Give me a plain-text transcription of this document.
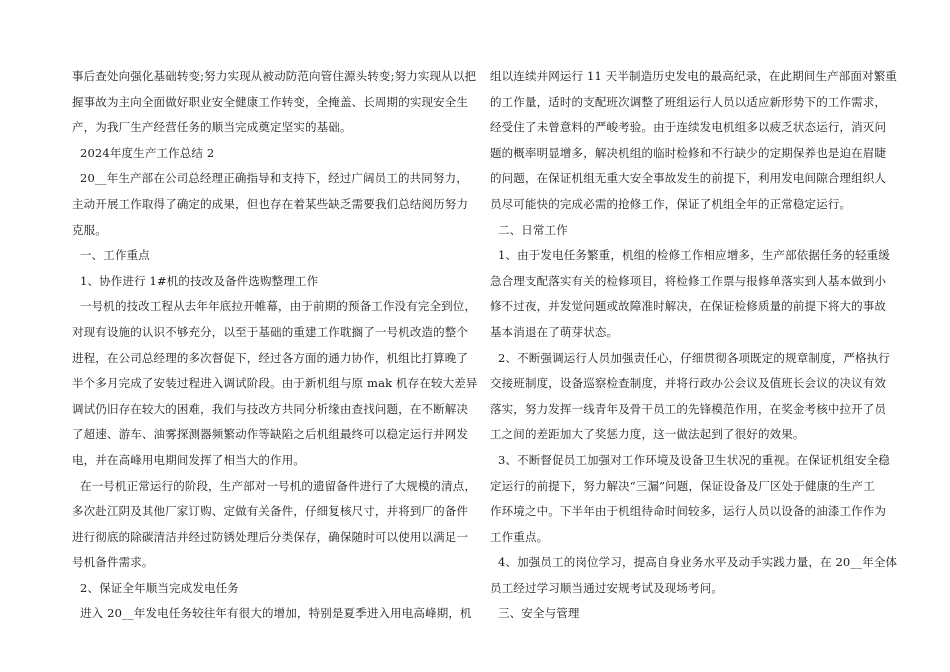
事后查处向强化基础转变;努力实现从被动防范向管住源头转变;努力实现从以把
握事故为主向全面做好职业安全健康工作转变，全掩盖、长周期的实现安全生
产，为我厂生产经营任务的顺当完成奠定坚实的基础。
2024年度生产工作总结 2
20__年生产部在公司总经理正确指导和支持下，经过广阔员工的共同努力，
主动开展工作取得了确定的成果，但也存在着某些缺乏需要我们总结阅历努力
克服。
一、工作重点
1、协作进行 1#机的技改及备件选购整理工作
一号机的技改工程从去年年底拉开帷幕，由于前期的预备工作没有完全到位，
对现有设施的认识不够充分，以至于基础的重建工作耽搁了一号机改造的整个
进程，在公司总经理的多次督促下，经过各方面的通力协作，机组比打算晚了
半个多月完成了安装过程进入调试阶段。由于新机组与原 mak 机存在较大差异
调试仍旧存在较大的困难，我们与技改方共同分析缘由查找问题，在不断解决
了超速、游车、油雾探测器频繁动作等缺陷之后机组最终可以稳定运行并网发
电，并在高峰用电期间发挥了相当大的作用。
在一号机正常运行的阶段，生产部对一号机的遗留备件进行了大规模的清点，
多次赴江阴及其他厂家订购、定做有关备件，仔细复核尺寸，并将到厂的备件
进行彻底的除碳清洁并经过防锈处理后分类保存，确保随时可以使用以满足一
号机备件需求。
2、保证全年顺当完成发电任务
进入 20__年发电任务较往年有很大的增加，特别是夏季进入用电高峰期，机
组以连续并网运行 11 天半制造历史发电的最高纪录，在此期间生产部面对繁重
的工作量，适时的支配班次调整了班组运行人员以适应新形势下的工作需求，
经受住了未曾意料的严峻考验。由于连续发电机组多以疲乏状态运行，消灭问
题的概率明显增多，解决机组的临时检修和不行缺少的定期保养也是迫在眉睫
的问题，在保证机组无重大安全事故发生的前提下，利用发电间隙合理组织人
员尽可能快的完成必需的抢修工作，保证了机组全年的正常稳定运行。
二、日常工作
1、由于发电任务繁重，机组的检修工作相应增多，生产部依据任务的轻重缓
急合理支配落实有关的检修项目，将检修工作票与报修单落实到人基本做到小
修不过夜，并发觉问题或故障准时解决，在保证检修质量的前提下将大的事故
基本消退在了萌芽状态。
2、不断强调运行人员加强责任心，仔细贯彻各项既定的规章制度，严格执行
交接班制度，设备巡察检查制度，并将行政办公会议及值班长会议的决议有效
落实，努力发挥一线青年及骨干员工的先锋模范作用，在奖金考核中拉开了员
工之间的差距加大了奖惩力度，这一做法起到了很好的效果。
3、不断督促员工加强对工作环境及设备卫生状况的重视。在保证机组安全稳
定运行的前提下，努力解决“三漏”问题，保证设备及厂区处于健康的生产工
作环境之中。下半年由于机组待命时间较多，运行人员以设备的油漆工作作为
工作重点。
4、加强员工的岗位学习，提高自身业务水平及动手实践力量，在 20__年全体
员工经过学习顺当通过安规考试及现场考问。
三、安全与管理
